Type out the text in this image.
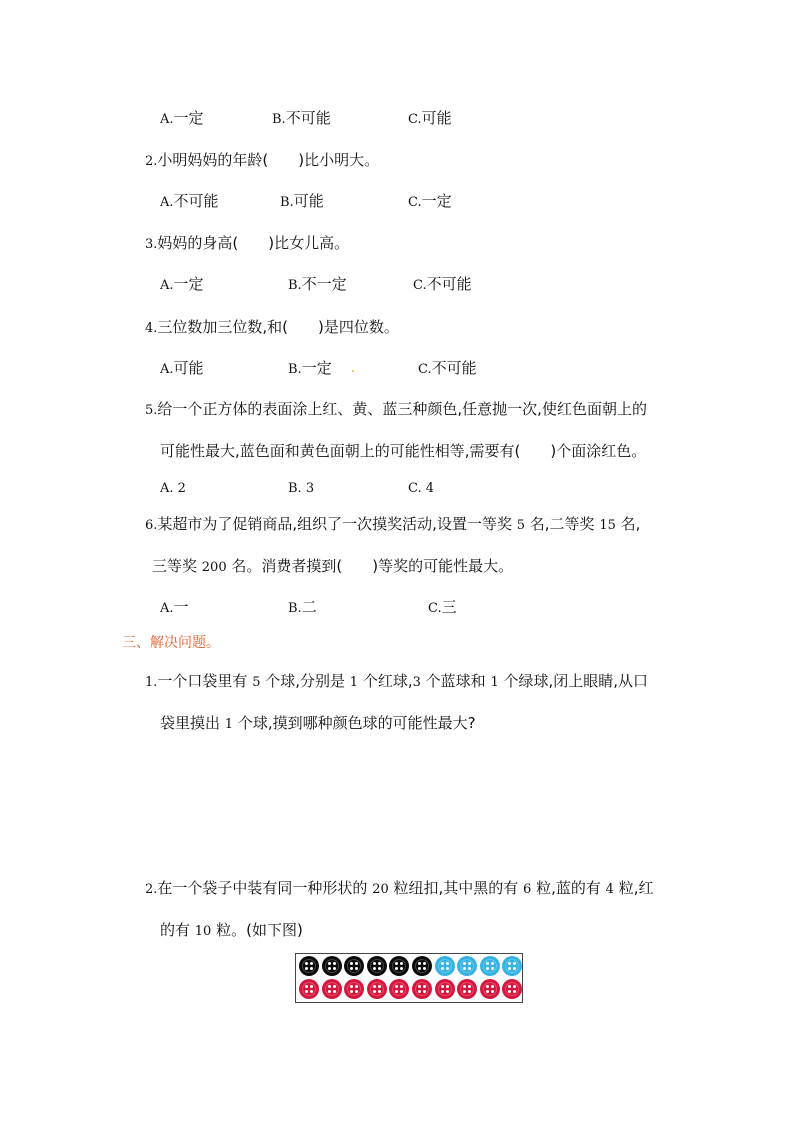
A.一定	B.不可能	C.可能
2.小明妈妈的年龄(　　)比小明大。
A.不可能	B.可能	C.一定
3.妈妈的身高(　　)比女儿高。
A.一定	B.不一定	C.不可能
4.三位数加三位数,和(　　)是四位数。
A.可能	B.一定	C.不可能
5.给一个正方体的表面涂上红、黄、蓝三种颜色,任意抛一次,使红色面朝上的
可能性最大,蓝色面和黄色面朝上的可能性相等,需要有(　　)个面涂红色。
A. 2	B. 3	C. 4
6.某超市为了促销商品,组织了一次摸奖活动,设置一等奖 5 名,二等奖 15 名,
三等奖 200 名。消费者摸到(　　)等奖的可能性最大。
A.一	B.二	C.三
三、解决问题。
1.一个口袋里有 5 个球,分别是 1 个红球,3 个蓝球和 1 个绿球,闭上眼睛,从口
袋里摸出 1 个球,摸到哪种颜色球的可能性最大?
2.在一个袋子中装有同一种形状的 20 粒纽扣,其中黑的有 6 粒,蓝的有 4 粒,红
的有 10 粒。(如下图)
